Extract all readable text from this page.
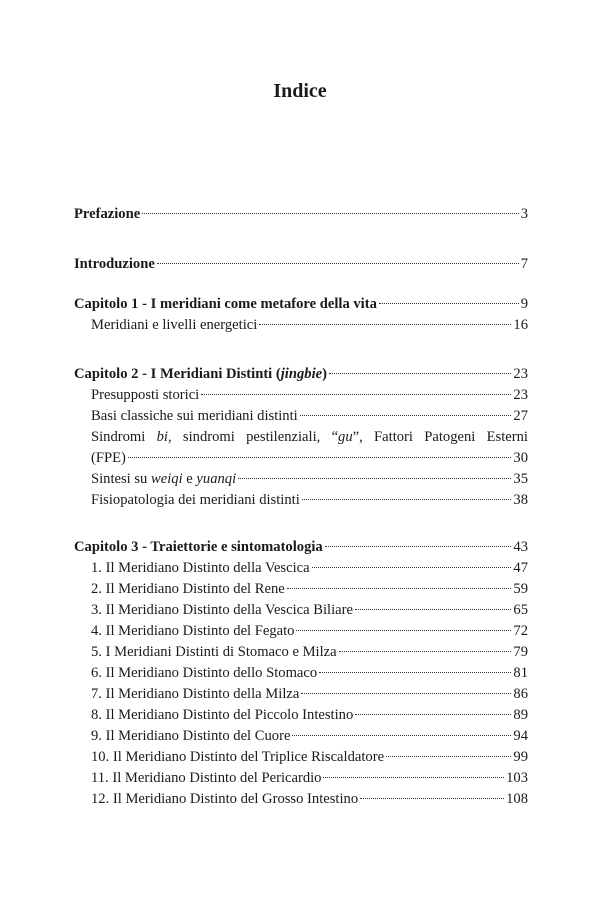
Indice
Prefazione	3
Introduzione	7
Capitolo 1 - I meridiani come metafore della vita	9
Meridiani e livelli energetici	16
Capitolo 2 - I Meridiani Distinti (jingbie)	23
Presupposti storici	23
Basi classiche sui meridiani distinti	27
Sindromi bi, sindromi pestilenziali, “gu”, Fattori Patogeni Esterni
(FPE)	30
Sintesi su weiqi e yuanqi	35
Fisiopatologia dei meridiani distinti	38
Capitolo 3 - Traiettorie e sintomatologia	43
1. Il Meridiano Distinto della Vescica	47
2. Il Meridiano Distinto del Rene	59
3. Il Meridiano Distinto della Vescica Biliare	65
4. Il Meridiano Distinto del Fegato	72
5. I Meridiani Distinti di Stomaco e Milza	79
6. Il Meridiano Distinto dello Stomaco	81
7. Il Meridiano Distinto della Milza	86
8. Il Meridiano Distinto del Piccolo Intestino	89
9. Il Meridiano Distinto del Cuore	94
10. Il Meridiano Distinto del Triplice Riscaldatore	99
11. Il Meridiano Distinto del Pericardio	103
12. Il Meridiano Distinto del Grosso Intestino	108
